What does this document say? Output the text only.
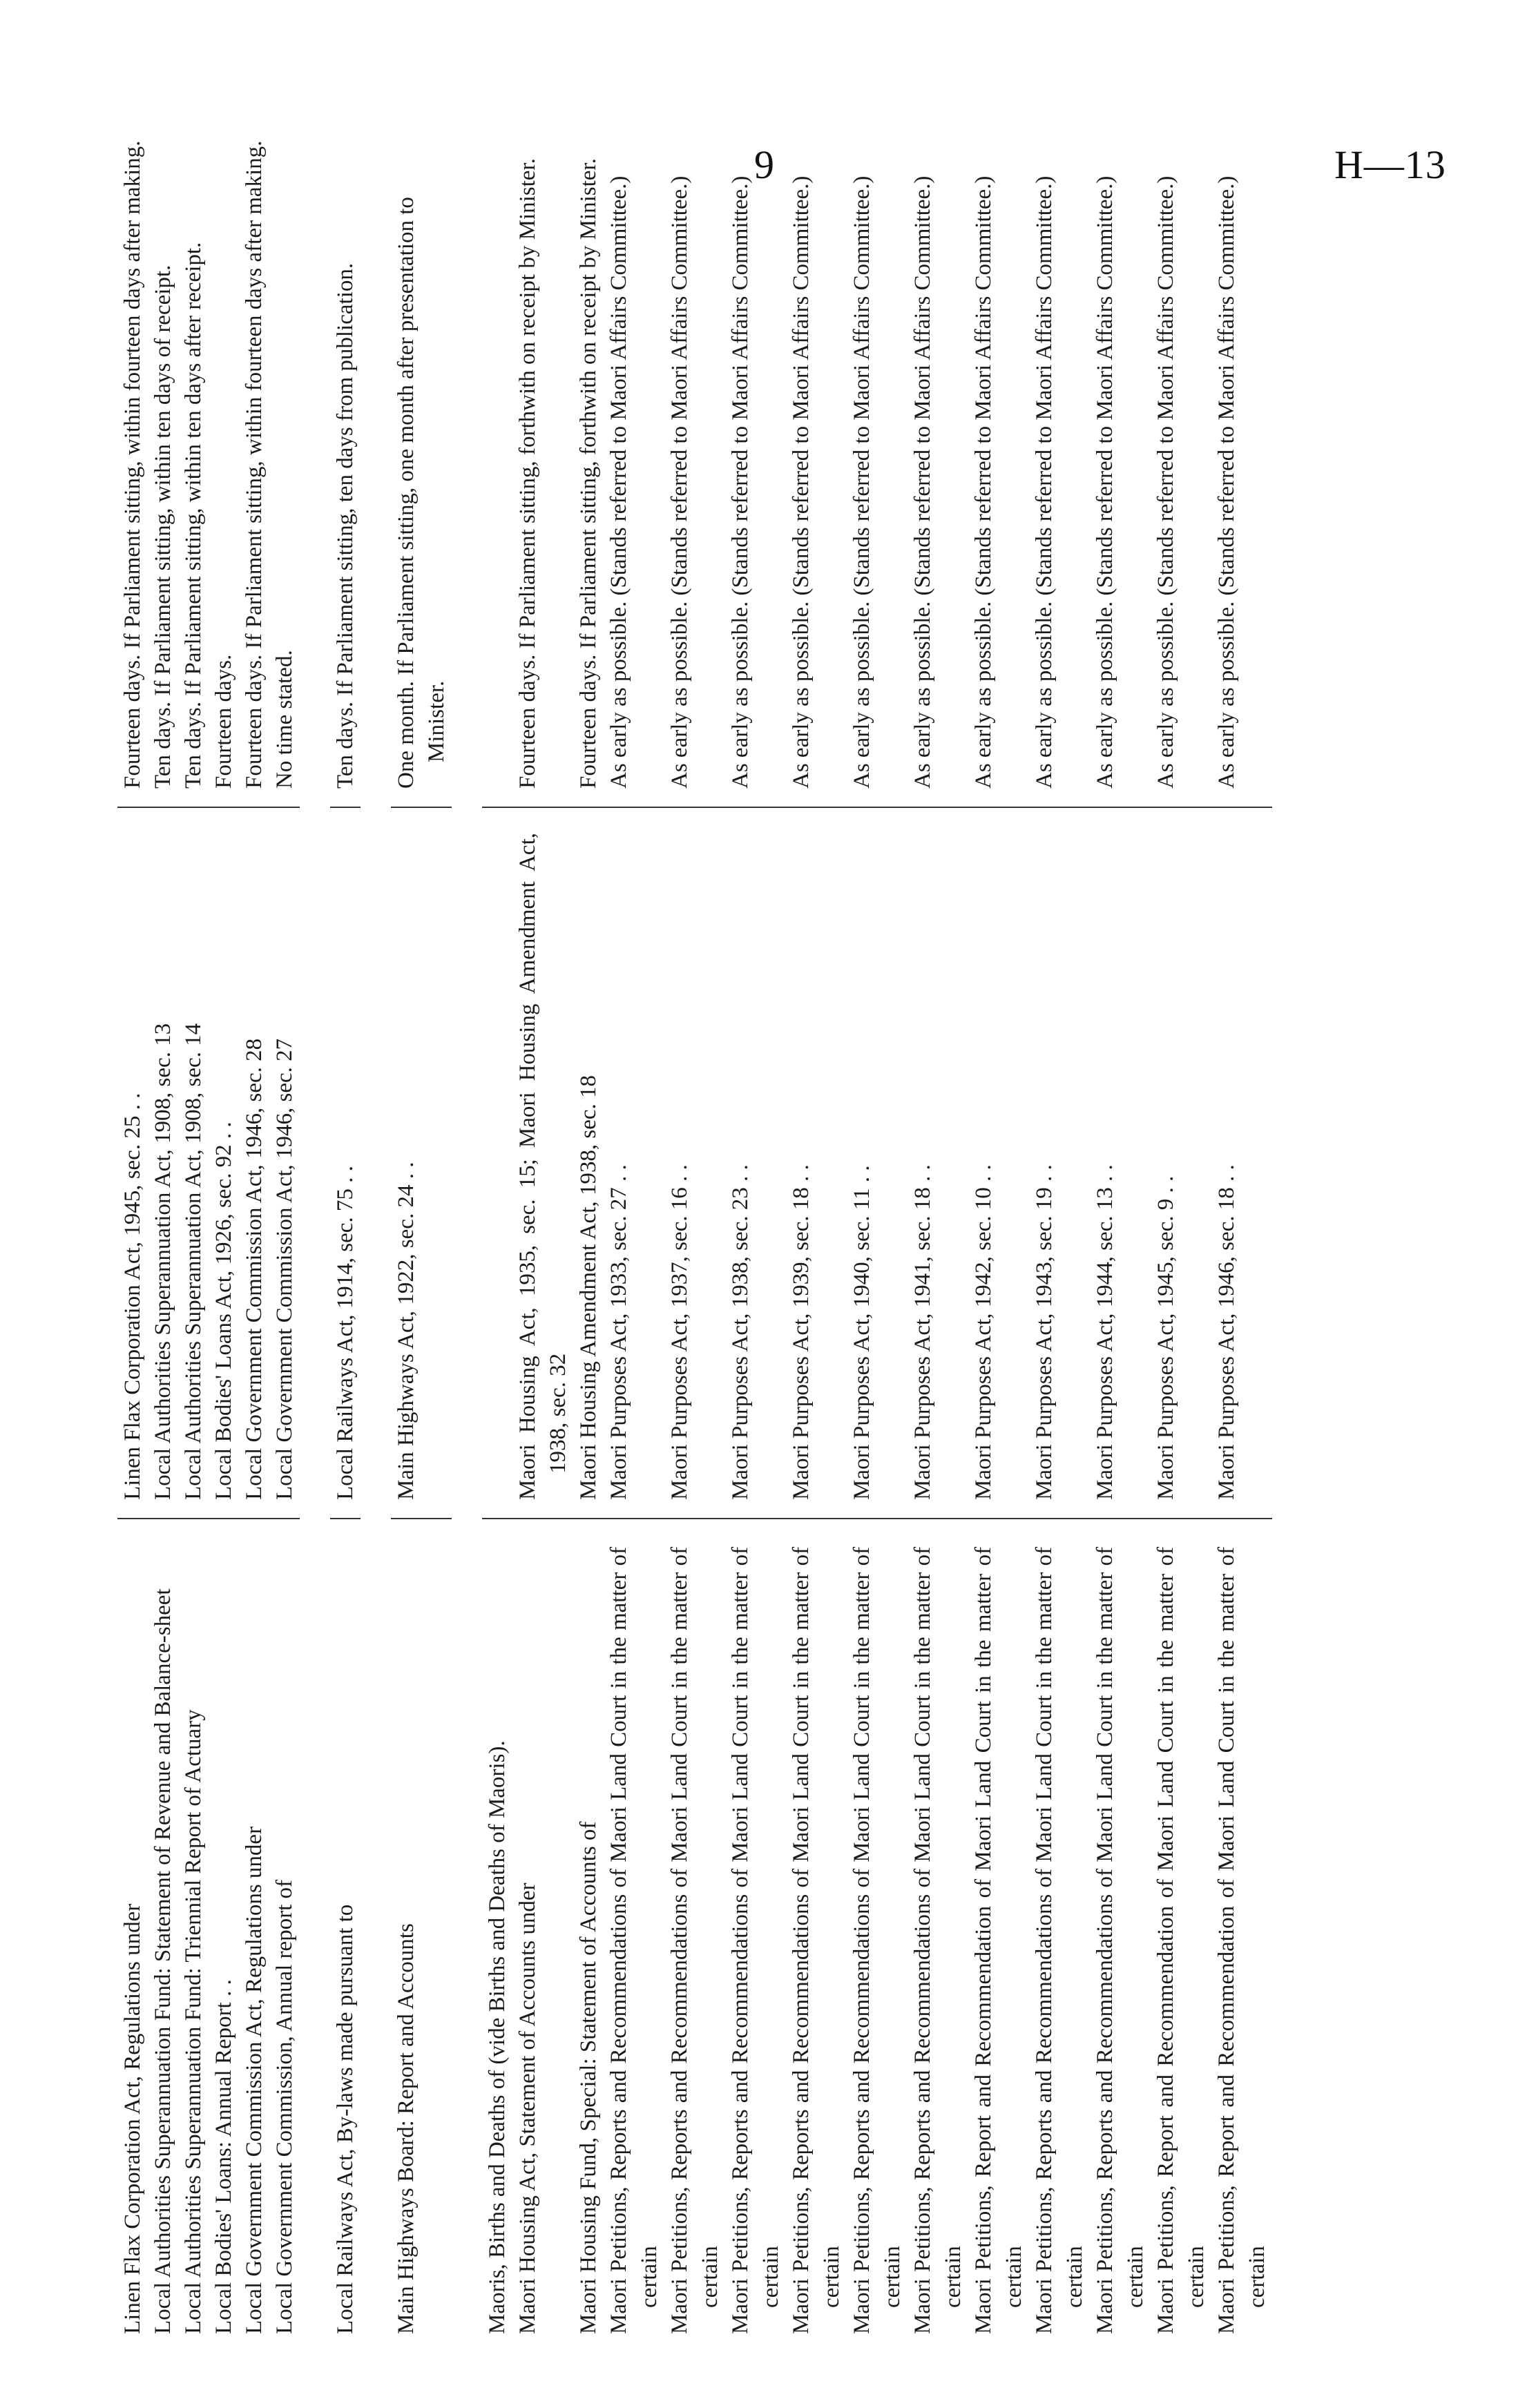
9	H—13

Linen Flax Corporation Act, Regulations under

Linen Flax Corporation Act, 1945, sec. 25 . .

Fourteen days. If Parliament sitting, within fourteen days after making.

Local Authorities Superannuation Fund: Statement of Revenue and Balance-sheet

Local Authorities Superannuation Act, 1908, sec. 13

Ten days. If Parliament sitting, within ten days of receipt.

Local Authorities Superannuation Fund: Triennial Report of Actuary

Local Authorities Superannuation Act, 1908, sec. 14

Ten days. If Parliament sitting, within ten days after receipt.

Local Bodies' Loans: Annual Report . .

Local Bodies' Loans Act, 1926, sec. 92 . .

Fourteen days.

Local Government Commission Act, Regulations under

Local Government Commission Act, 1946, sec. 28

Fourteen days. If Parliament sitting, within fourteen days after making.

Local Government Commission, Annual report of

Local Government Commission Act, 1946, sec. 27

No time stated.

Local Railways Act, By-laws made pursuant to

Local Railways Act, 1914, sec. 75 . .

Ten days. If Parliament sitting, ten days from publication.

Main Highways Board: Report and Accounts

Main Highways Act, 1922, sec. 24 . .

One month. If Parliament sitting, one month after presentation to Minister.

Maoris, Births and Deaths of (vide Births and Deaths of Maoris). Maori Housing Act, Statement of Accounts under

Maori Housing Act, 1935, sec. 15; Maori Housing Amendment Act, 1938, sec. 32

Fourteen days. If Parliament sitting, forthwith on receipt by Minister.

Maori Housing Fund, Special: Statement of Accounts of

Maori Housing Amendment Act, 1938, sec. 18

Fourteen days. If Parliament sitting, forthwith on receipt by Minister.

Maori Petitions, Reports and Recommendations of Maori Land Court in the matter of certain

Maori Purposes Act, 1933, sec. 27 . .

As early as possible. (Stands referred to Maori Affairs Committee.)

Maori Petitions, Reports and Recommendations of Maori Land Court in the matter of certain

Maori Purposes Act, 1937, sec. 16 . .

As early as possible. (Stands referred to Maori Affairs Committee.)

Maori Petitions, Reports and Recommendations of Maori Land Court in the matter of certain

Maori Purposes Act, 1938, sec. 23 . .

As early as possible. (Stands referred to Maori Affairs Committee.)

Maori Petitions, Reports and Recommendations of Maori Land Court in the matter of certain

Maori Purposes Act, 1939, sec. 18 . .

As early as possible. (Stands referred to Maori Affairs Committee.)

Maori Petitions, Reports and Recommendations of Maori Land Court in the matter of certain

Maori Purposes Act, 1940, sec. 11 . .

As early as possible. (Stands referred to Maori Affairs Committee.)

Maori Petitions, Reports and Recommendations of Maori Land Court in the matter of certain

Maori Purposes Act, 1941, sec. 18 . .

As early as possible. (Stands referred to Maori Affairs Committee.)

Maori Petitions, Report and Recommendation of Maori Land Court in the matter of certain

Maori Purposes Act, 1942, sec. 10 . .

As early as possible. (Stands referred to Maori Affairs Committee.)

Maori Petitions, Reports and Recommendations of Maori Land Court in the matter of certain

Maori Purposes Act, 1943, sec. 19 . .

As early as possible. (Stands referred to Maori Affairs Committee.)

Maori Petitions, Reports and Recommendations of Maori Land Court in the matter of certain

Maori Purposes Act, 1944, sec. 13 . .

As early as possible. (Stands referred to Maori Affairs Committee.)

Maori Petitions, Report and Recommendation of Maori Land Court in the matter of certain

Maori Purposes Act, 1945, sec. 9 . .

As early as possible. (Stands referred to Maori Affairs Committee.)

Maori Petitions, Report and Recommendation of Maori Land Court in the matter of certain

Maori Purposes Act, 1946, sec. 18 . .

As early as possible. (Stands referred to Maori Affairs Committee.)
